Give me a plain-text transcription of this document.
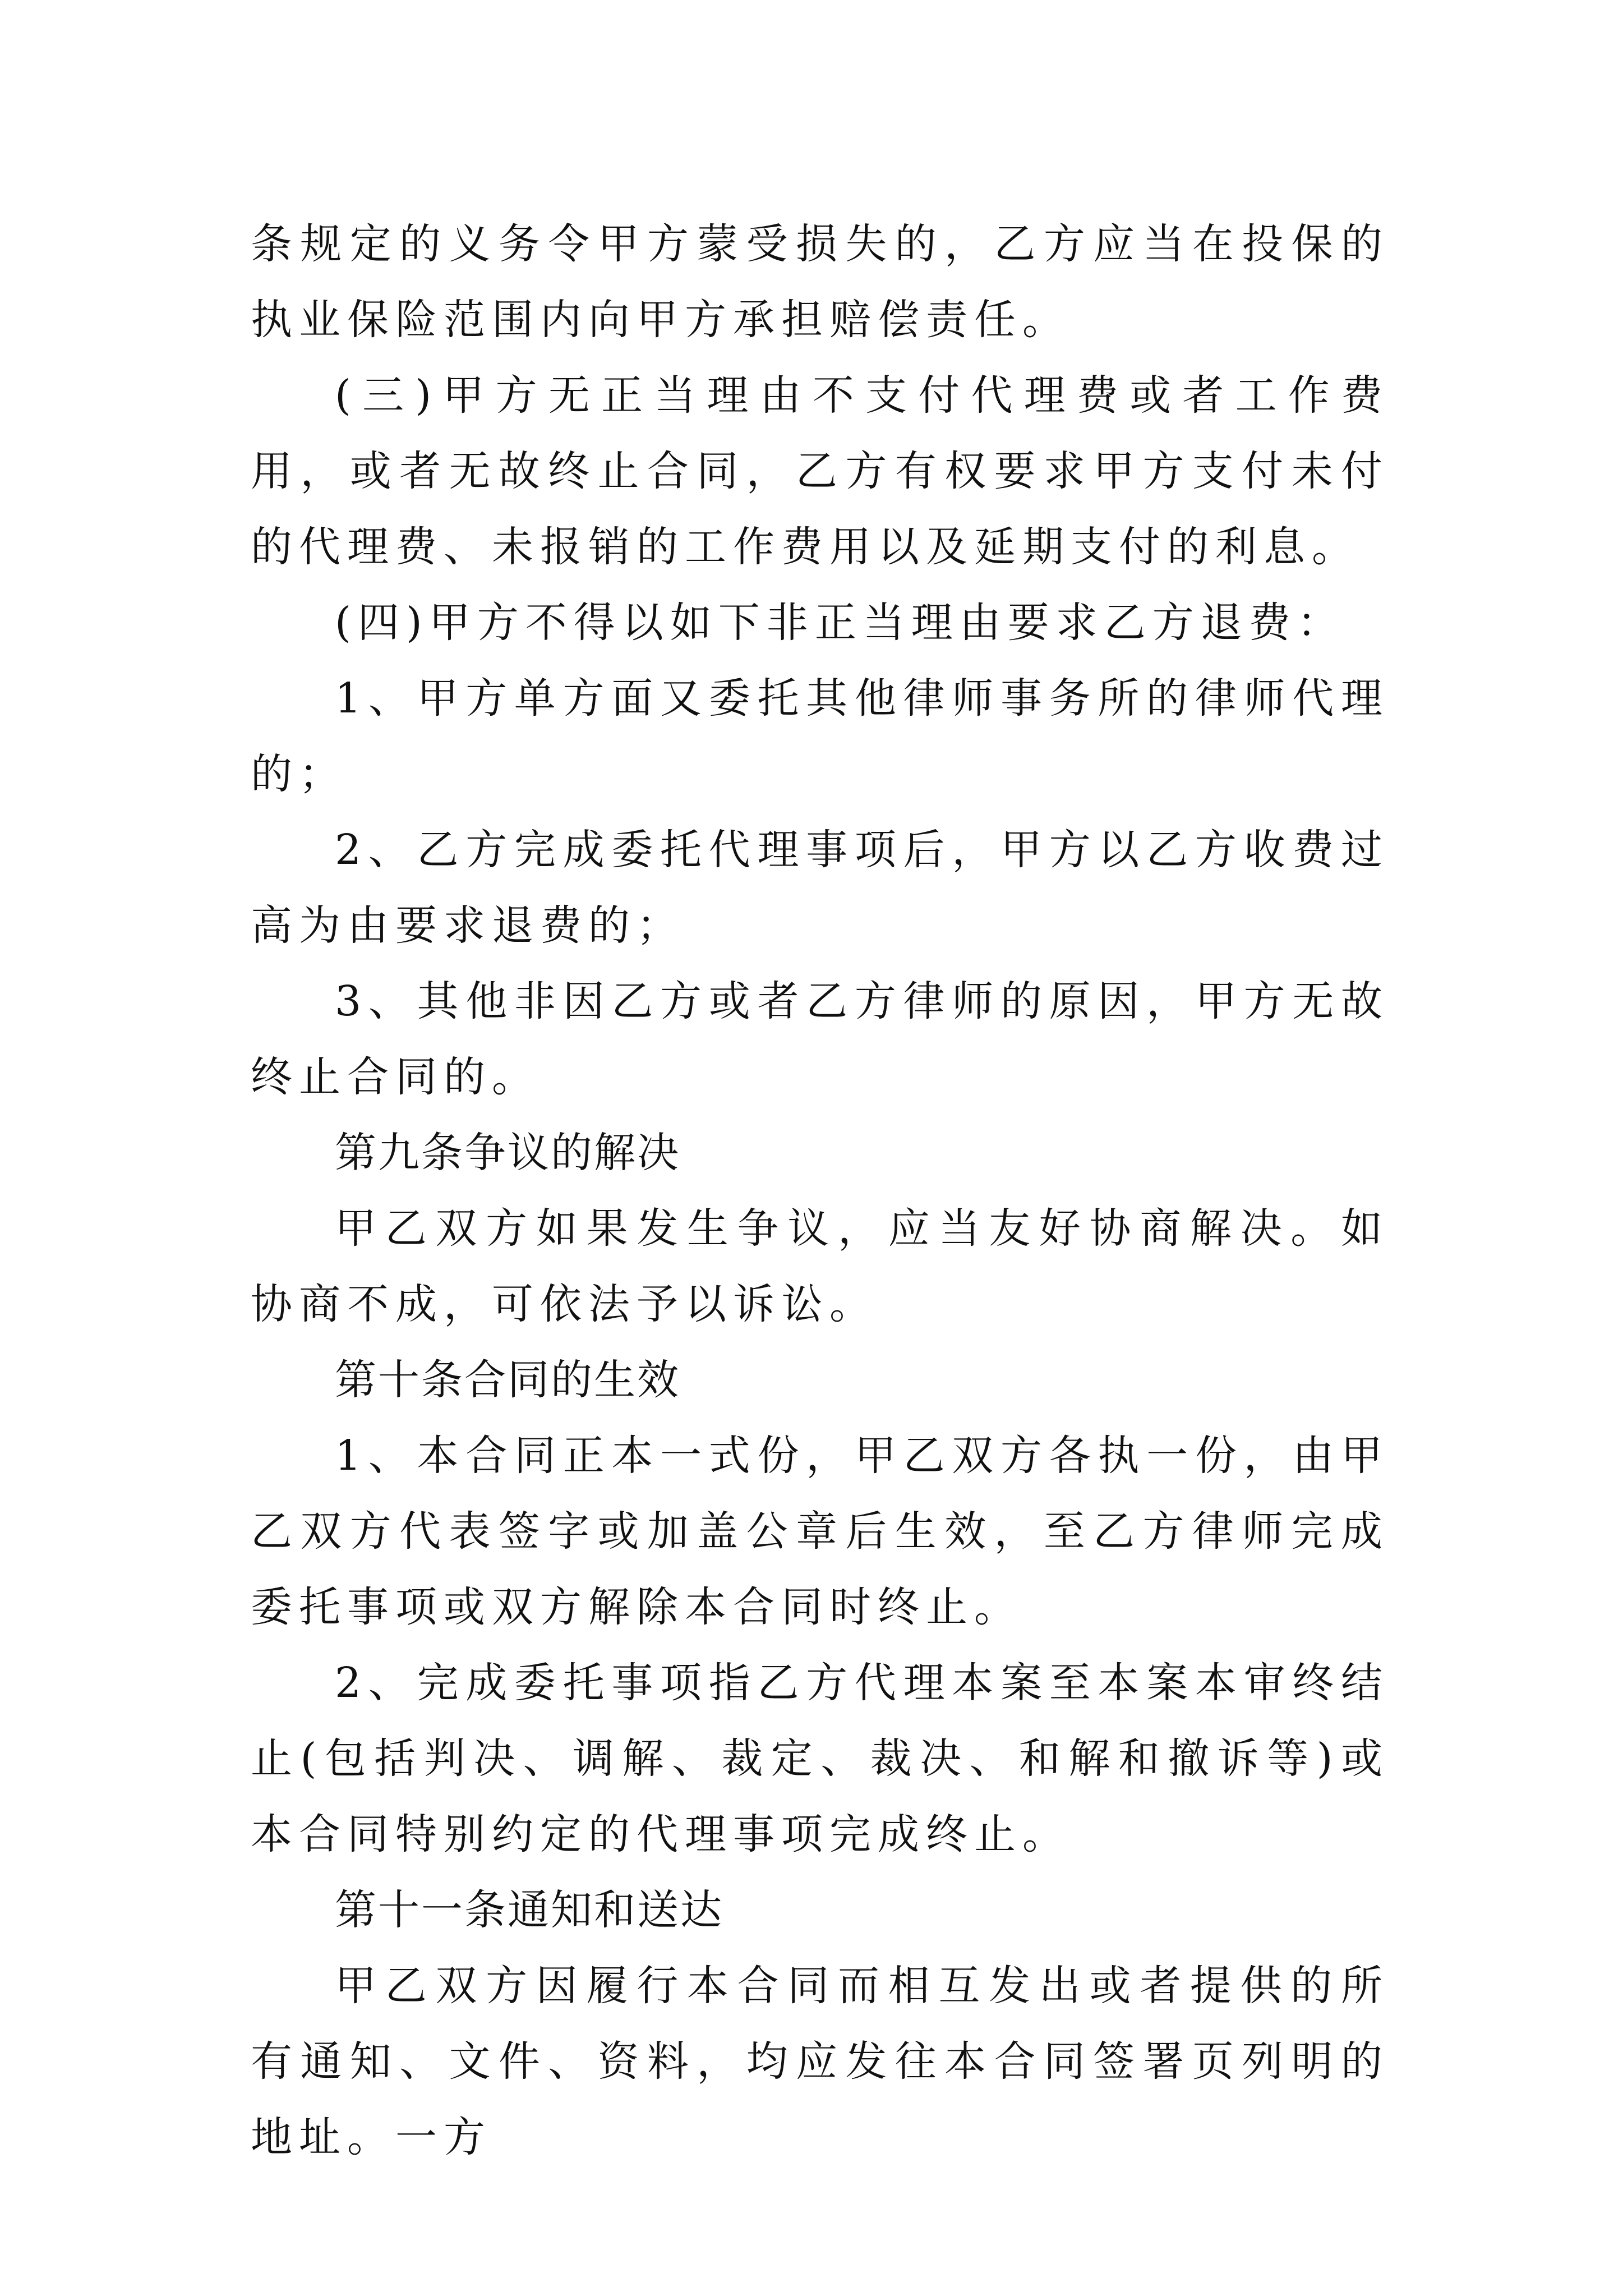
条规定的义务令甲方蒙受损失的，乙方应当在投保的执业保险范围内向甲方承担赔偿责任。

(三)甲方无正当理由不支付代理费或者工作费用，或者无故终止合同，乙方有权要求甲方支付未付的代理费、未报销的工作费用以及延期支付的利息。

(四)甲方不得以如下非正当理由要求乙方退费：

1、甲方单方面又委托其他律师事务所的律师代理的；

2、乙方完成委托代理事项后，甲方以乙方收费过高为由要求退费的；

3、其他非因乙方或者乙方律师的原因，甲方无故终止合同的。

第九条争议的解决

甲乙双方如果发生争议，应当友好协商解决。如协商不成，可依法予以诉讼。

第十条合同的生效

1、本合同正本一式份，甲乙双方各执一份，由甲乙双方代表签字或加盖公章后生效，至乙方律师完成委托事项或双方解除本合同时终止。

2、完成委托事项指乙方代理本案至本案本审终结止(包括判决、调解、裁定、裁决、和解和撤诉等)或本合同特别约定的代理事项完成终止。

第十一条通知和送达

甲乙双方因履行本合同而相互发出或者提供的所有通知、文件、资料，均应发往本合同签署页列明的地址。一方
